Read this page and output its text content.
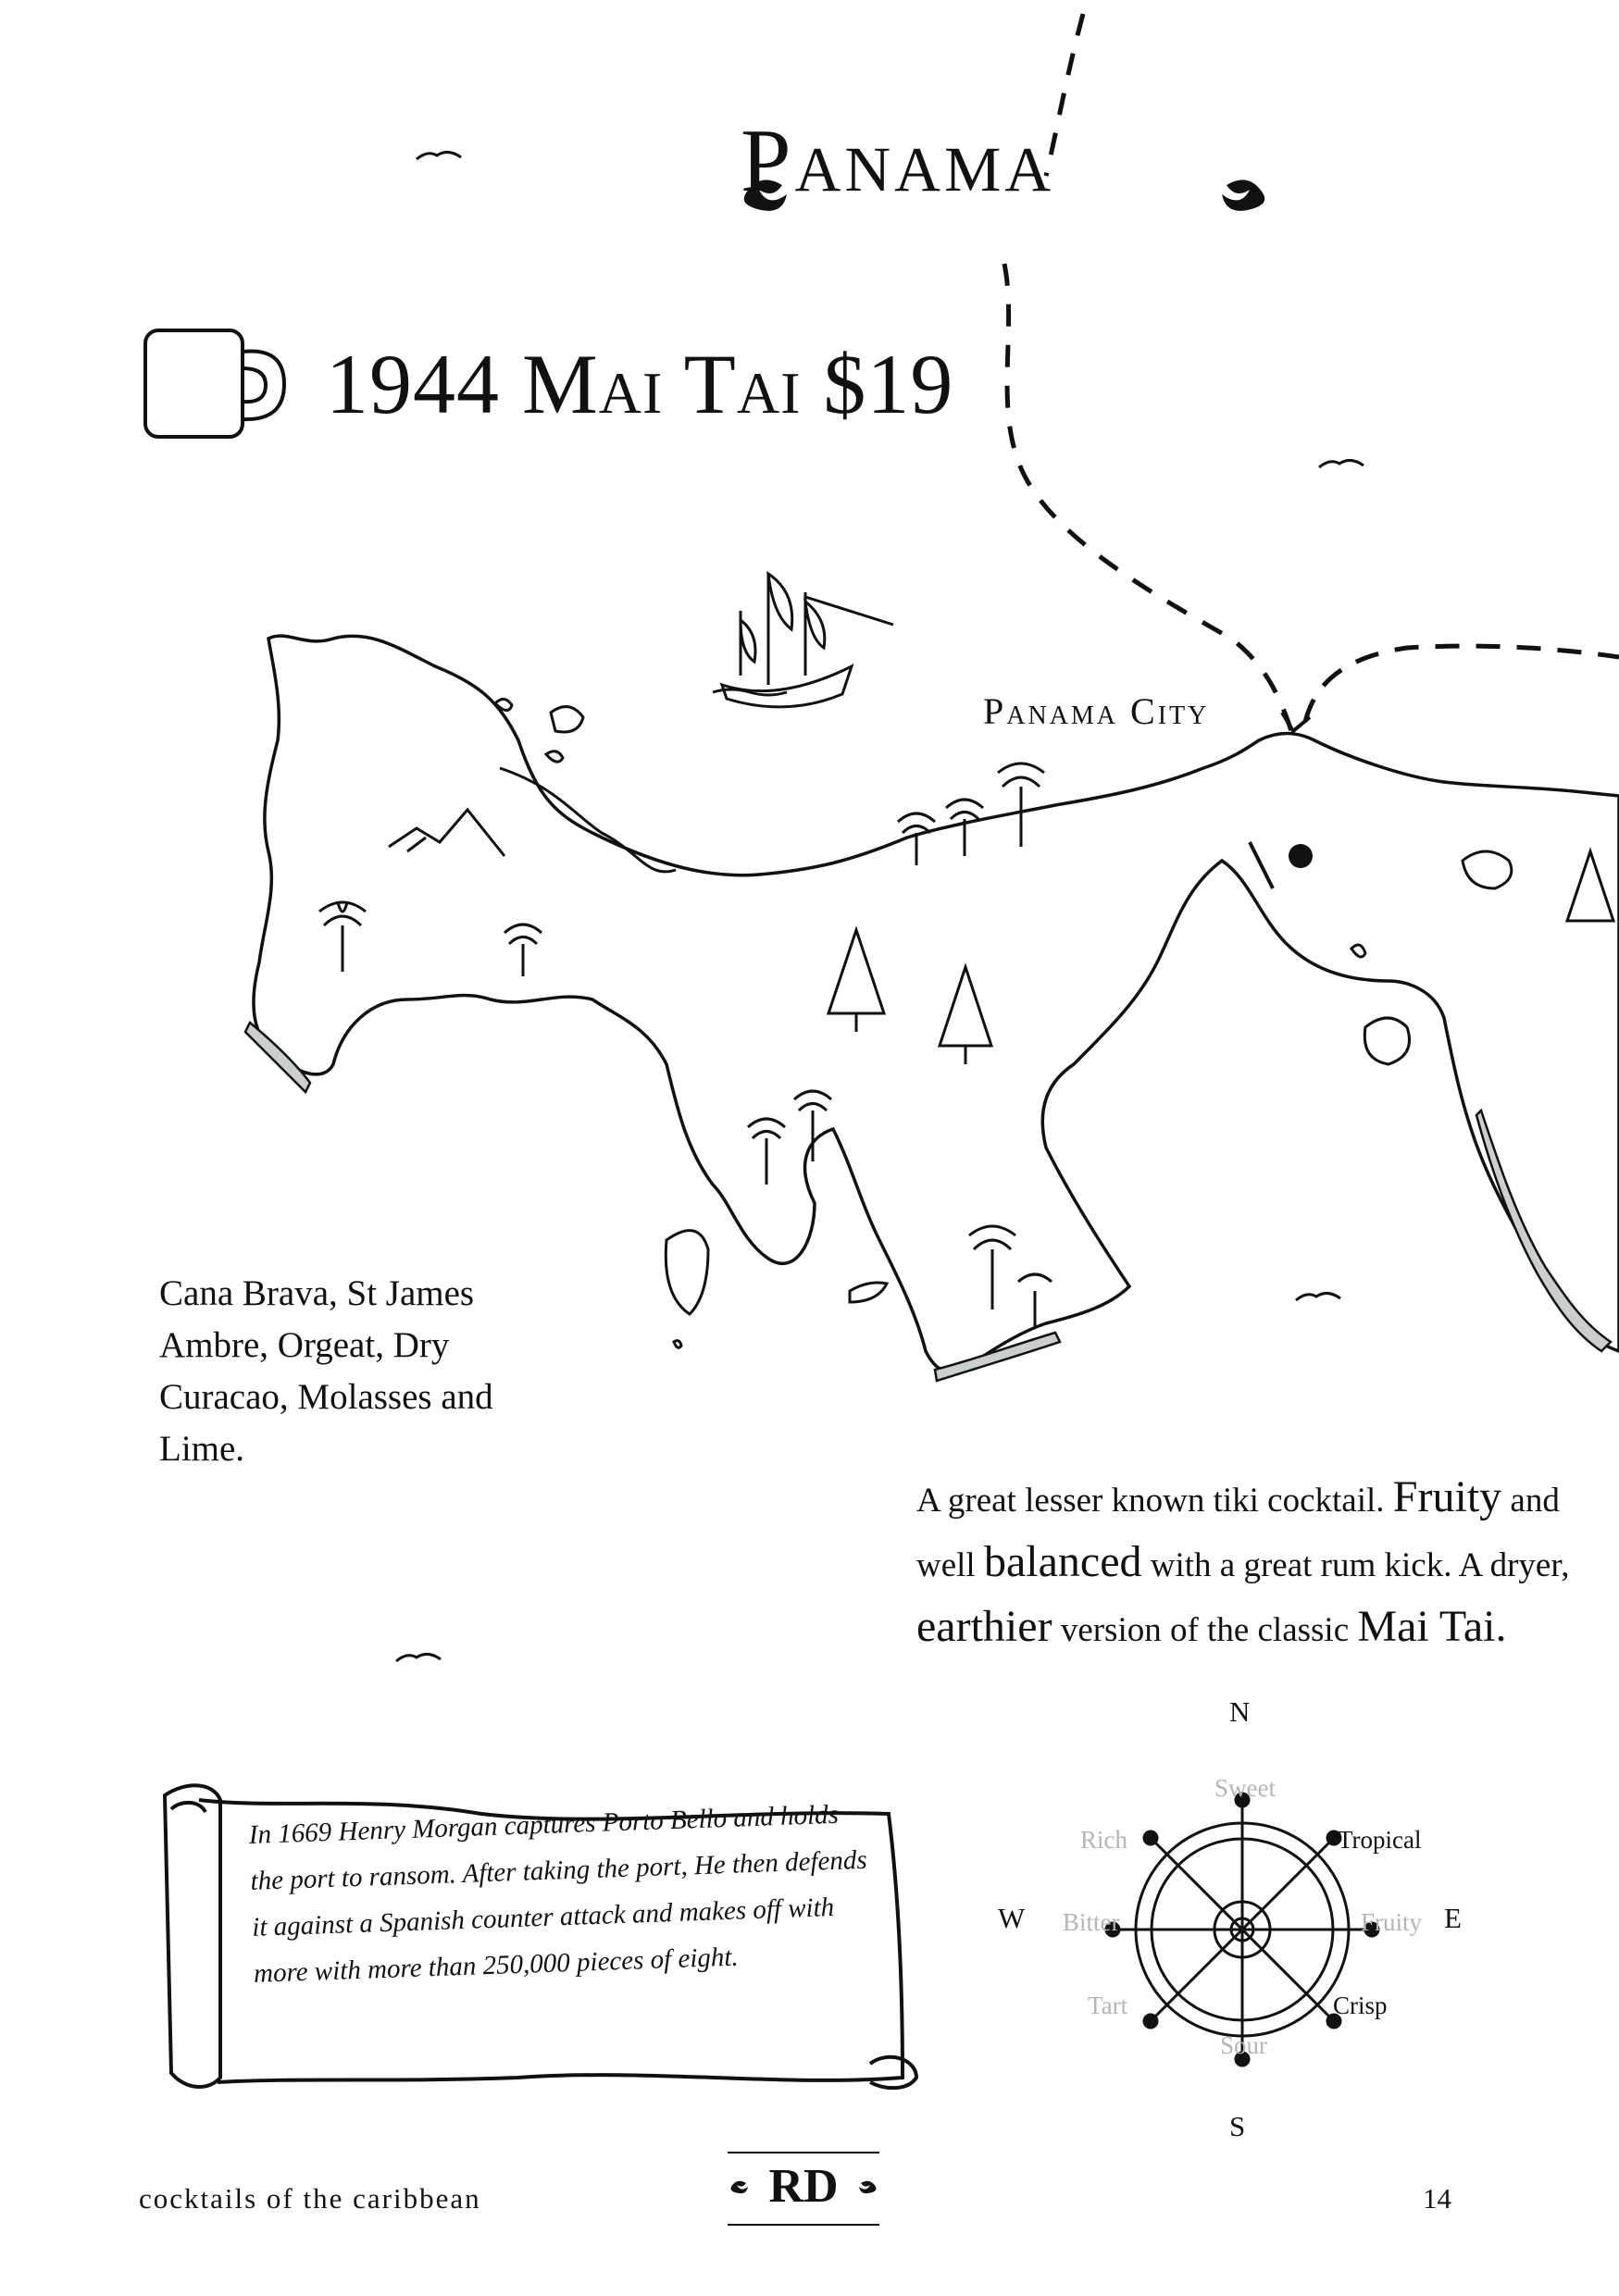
Panama
1944 Mai Tai $19
Panama City
Cana Brava, St James Ambre, Orgeat, Dry Curacao, Molasses and Lime.
A great lesser known tiki cocktail. Fruity and well balanced with a great rum kick. A dryer, earthier version of the classic Mai Tai.
In 1669 Henry Morgan captures Porto Bello and holds the port to ransom. After taking the port, He then defends it against a Spanish counter attack and makes off with more with more than 250,000 pieces of eight.
N
S
E
W
Sweet
Tropical
Fruity
Crisp
Sour
Tart
Bitter
Rich
cocktails of the caribbean	RD	14
